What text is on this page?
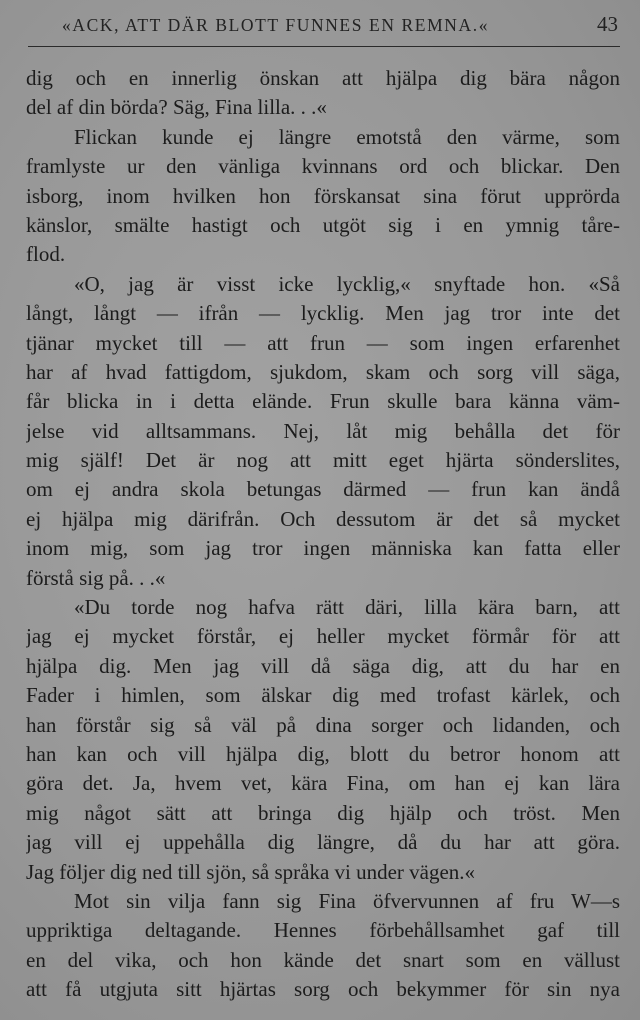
«ACK, ATT DÄR BLOTT FUNNES EN REMNA.«	43
dig och en innerlig önskan att hjälpa dig bära någon
del af din börda? Säg, Fina lilla. . .«
Flickan kunde ej längre emotstå den värme, som
framlyste ur den vänliga kvinnans ord och blickar. Den
isborg, inom hvilken hon förskansat sina förut upprörda
känslor, smälte hastigt och utgöt sig i en ymnig tåre-
flod.
«O, jag är visst icke lycklig,« snyftade hon. «Så
långt, långt — ifrån — lycklig. Men jag tror inte det
tjänar mycket till — att frun — som ingen erfarenhet
har af hvad fattigdom, sjukdom, skam och sorg vill säga,
får blicka in i detta elände. Frun skulle bara känna väm-
jelse vid alltsammans. Nej, låt mig behålla det för
mig själf! Det är nog att mitt eget hjärta sönderslites,
om ej andra skola betungas därmed — frun kan ändå
ej hjälpa mig därifrån. Och dessutom är det så mycket
inom mig, som jag tror ingen människa kan fatta eller
förstå sig på. . .«
«Du torde nog hafva rätt däri, lilla kära barn, att
jag ej mycket förstår, ej heller mycket förmår för att
hjälpa dig. Men jag vill då säga dig, att du har en
Fader i himlen, som älskar dig med trofast kärlek, och
han förstår sig så väl på dina sorger och lidanden, och
han kan och vill hjälpa dig, blott du betror honom att
göra det. Ja, hvem vet, kära Fina, om han ej kan lära
mig något sätt att bringa dig hjälp och tröst. Men
jag vill ej uppehålla dig längre, då du har att göra.
Jag följer dig ned till sjön, så språka vi under vägen.«
Mot sin vilja fann sig Fina öfvervunnen af fru W—s
uppriktiga deltagande. Hennes förbehållsamhet gaf till
en del vika, och hon kände det snart som en vällust
att få utgjuta sitt hjärtas sorg och bekymmer för sin nya
